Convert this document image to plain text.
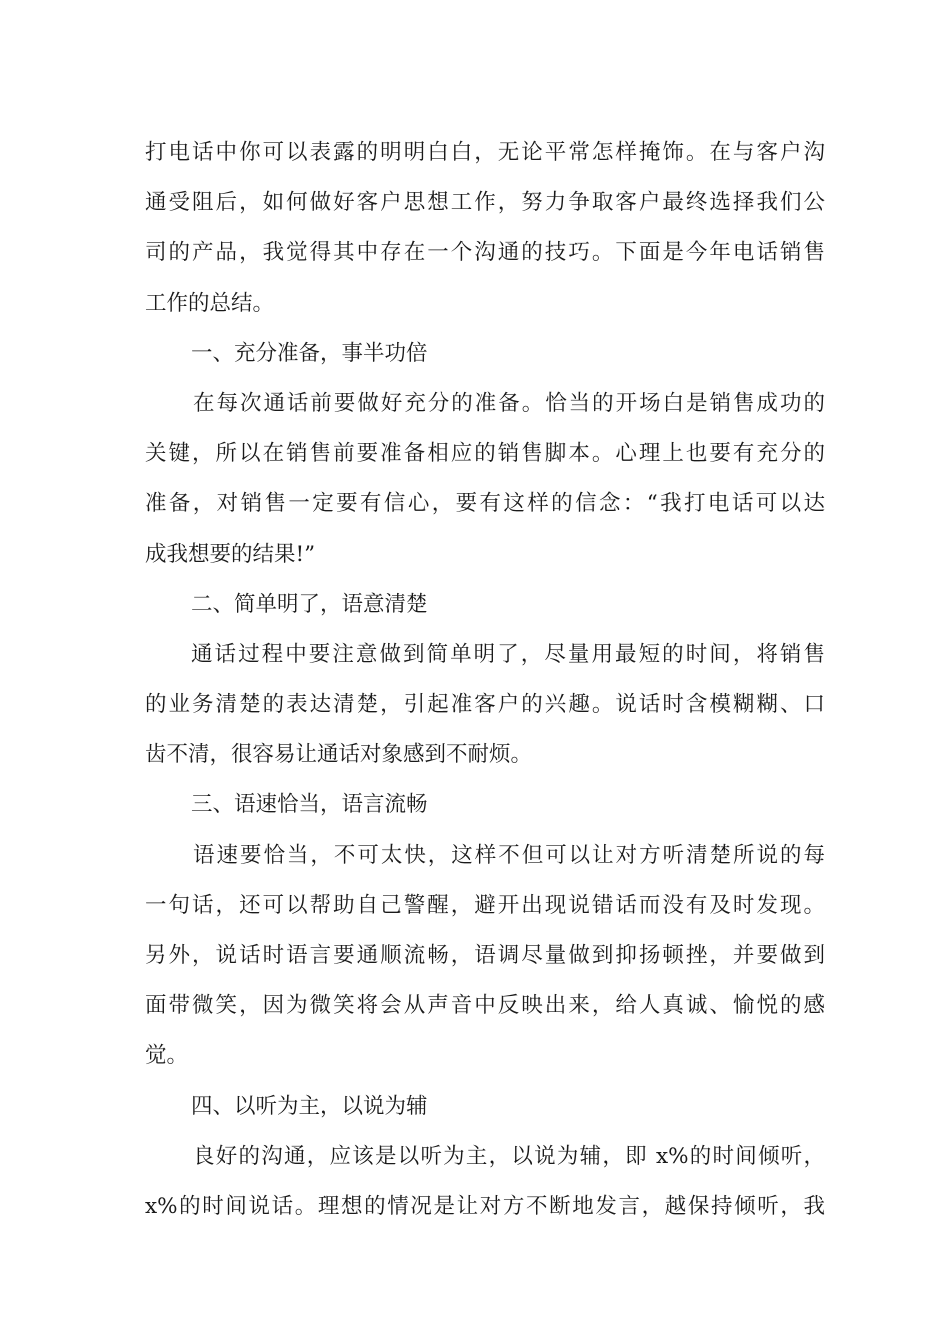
打电话中你可以表露的明明白白，无论平常怎样掩饰。在与客户沟
通受阻后，如何做好客户思想工作，努力争取客户最终选择我们公
司的产品，我觉得其中存在一个沟通的技巧。下面是今年电话销售
工作的总结。
一、充分准备，事半功倍
在每次通话前要做好充分的准备。恰当的开场白是销售成功的
关键，所以在销售前要准备相应的销售脚本。心理上也要有充分的
准备，对销售一定要有信心，要有这样的信念：“我打电话可以达
成我想要的结果!”
二、简单明了，语意清楚
通话过程中要注意做到简单明了，尽量用最短的时间，将销售
的业务清楚的表达清楚，引起准客户的兴趣。说话时含模糊糊、口
齿不清，很容易让通话对象感到不耐烦。
三、语速恰当，语言流畅
语速要恰当，不可太快，这样不但可以让对方听清楚所说的每
一句话，还可以帮助自己警醒，避开出现说错话而没有及时发现。
另外，说话时语言要通顺流畅，语调尽量做到抑扬顿挫，并要做到
面带微笑，因为微笑将会从声音中反映出来，给人真诚、愉悦的感
觉。
四、以听为主，以说为辅
良好的沟通，应该是以听为主，以说为辅，即 x%的时间倾听，
x%的时间说话。理想的情况是让对方不断地发言，越保持倾听，我
